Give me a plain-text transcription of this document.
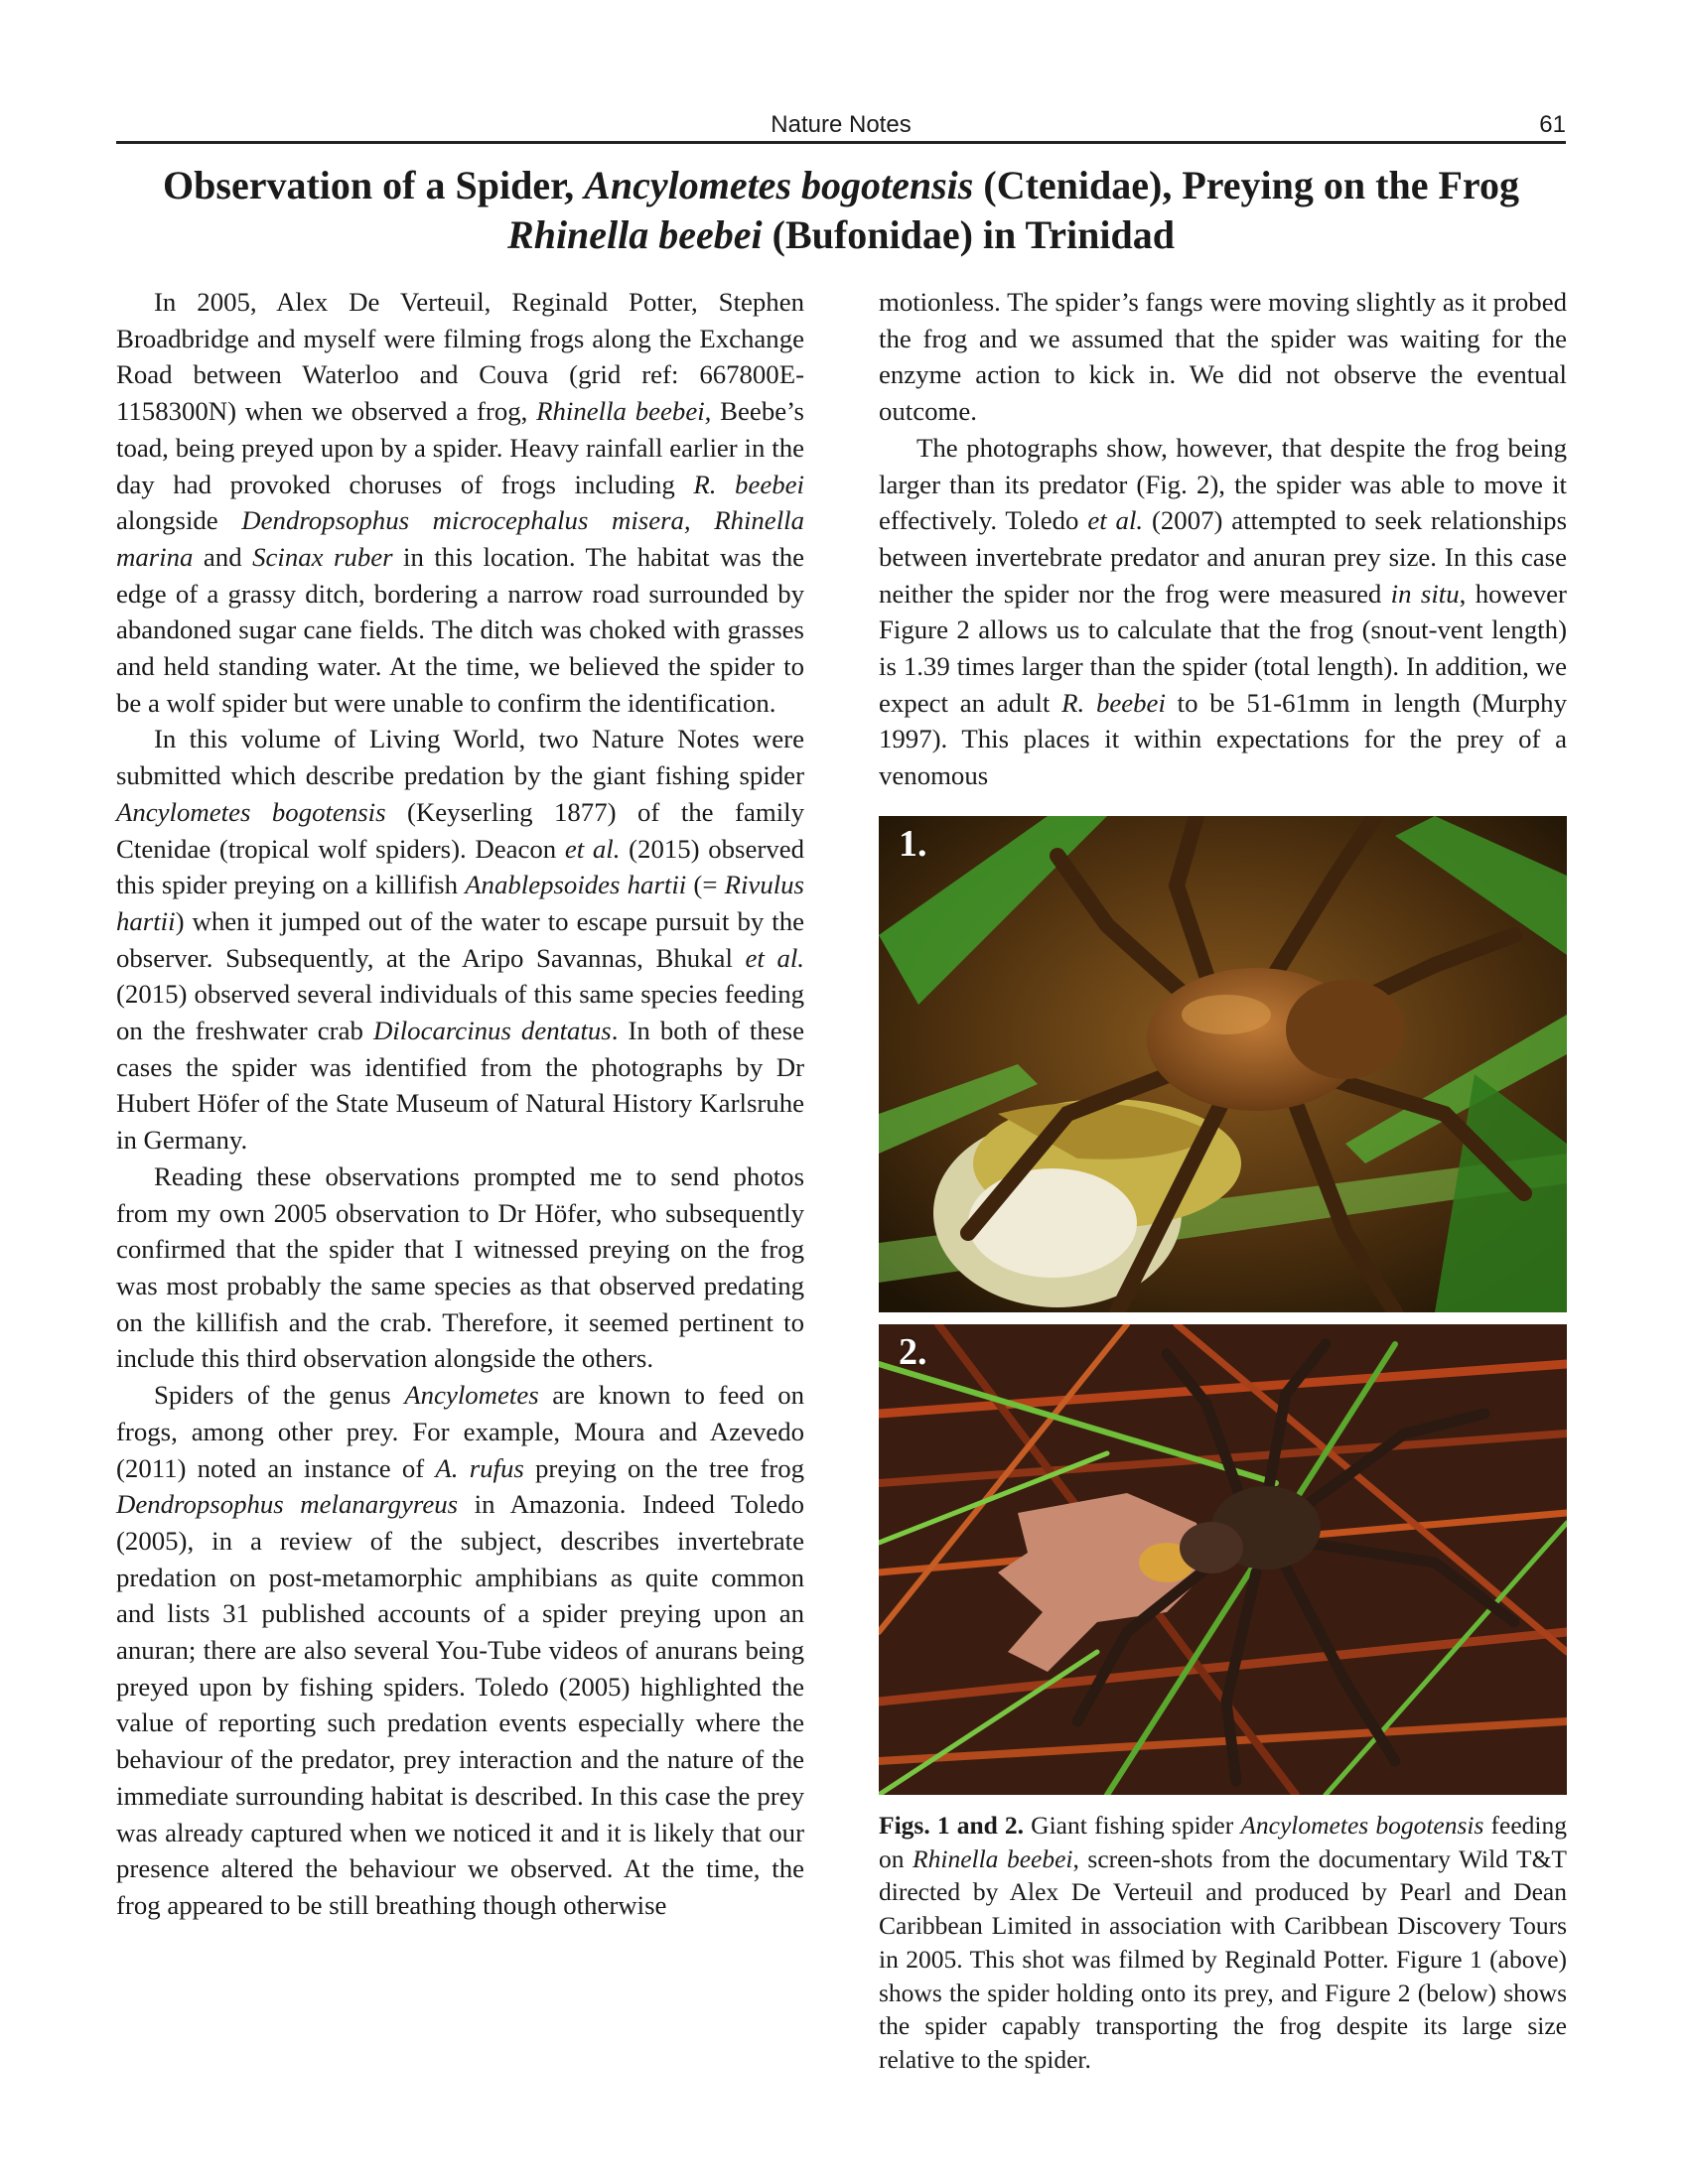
Nature Notes	61
Observation of a Spider, Ancylometes bogotensis (Ctenidae), Preying on the Frog
Rhinella beebei (Bufonidae) in Trinidad

In 2005, Alex De Verteuil, Reginald Potter, Stephen Broadbridge and myself were filming frogs along the Exchange Road between Waterloo and Couva (grid ref: 667800E- 1158300N) when we observed a frog, Rhinella beebei, Beebe’s toad, being preyed upon by a spider. Heavy rainfall earlier in the day had provoked choruses of frogs including R. beebei alongside Dendropsophus microcephalus misera, Rhinella marina and Scinax ruber in this location. The habitat was the edge of a grassy ditch, bordering a narrow road surrounded by abandoned sugar cane fields. The ditch was choked with grasses and held standing water. At the time, we believed the spider to be a wolf spider but were unable to confirm the identification.

In this volume of Living World, two Nature Notes were submitted which describe predation by the giant fishing spider Ancylometes bogotensis (Keyserling 1877) of the family Ctenidae (tropical wolf spiders). Deacon et al. (2015) observed this spider preying on a killifish Anablepsoides hartii (= Rivulus hartii) when it jumped out of the water to escape pursuit by the observer. Subsequently, at the Aripo Savannas, Bhukal et al. (2015) observed several individuals of this same species feeding on the freshwater crab Dilocarcinus dentatus. In both of these cases the spider was identified from the photographs by Dr Hubert Höfer of the State Museum of Natural History Karlsruhe in Germany.

Reading these observations prompted me to send photos from my own 2005 observation to Dr Höfer, who subsequently confirmed that the spider that I witnessed preying on the frog was most probably the same species as that observed predating on the killifish and the crab. Therefore, it seemed pertinent to include this third observation alongside the others.

Spiders of the genus Ancylometes are known to feed on frogs, among other prey. For example, Moura and Azevedo (2011) noted an instance of A. rufus preying on the tree frog Dendropsophus melanargyreus in Amazonia. Indeed Toledo (2005), in a review of the subject, describes invertebrate predation on post-metamorphic amphibians as quite common and lists 31 published accounts of a spider preying upon an anuran; there are also several You-Tube videos of anurans being preyed upon by fishing spiders. Toledo (2005) highlighted the value of reporting such predation events especially where the behaviour of the predator, prey interaction and the nature of the immediate surrounding habitat is described. In this case the prey was already captured when we noticed it and it is likely that our presence altered the behaviour we observed. At the time, the frog appeared to be still breathing though otherwise

motionless. The spider’s fangs were moving slightly as it probed the frog and we assumed that the spider was waiting for the enzyme action to kick in. We did not observe the eventual outcome.

The photographs show, however, that despite the frog being larger than its predator (Fig. 2), the spider was able to move it effectively. Toledo et al. (2007) attempted to seek relationships between invertebrate predator and anuran prey size. In this case neither the spider nor the frog were measured in situ, however Figure 2 allows us to calculate that the frog (snout-vent length) is 1.39 times larger than the spider (total length). In addition, we expect an adult R. beebei to be 51-61mm in length (Murphy 1997). This places it within expectations for the prey of a venomous

1.
2.

Figs. 1 and 2. Giant fishing spider Ancylometes bogotensis feeding on Rhinella beebei, screen-shots from the documentary Wild T&T directed by Alex De Verteuil and produced by Pearl and Dean Caribbean Limited in association with Caribbean Discovery Tours in 2005. This shot was filmed by Reginald Potter. Figure 1 (above) shows the spider holding onto its prey, and Figure 2 (below) shows the spider capably transporting the frog despite its large size relative to the spider.
